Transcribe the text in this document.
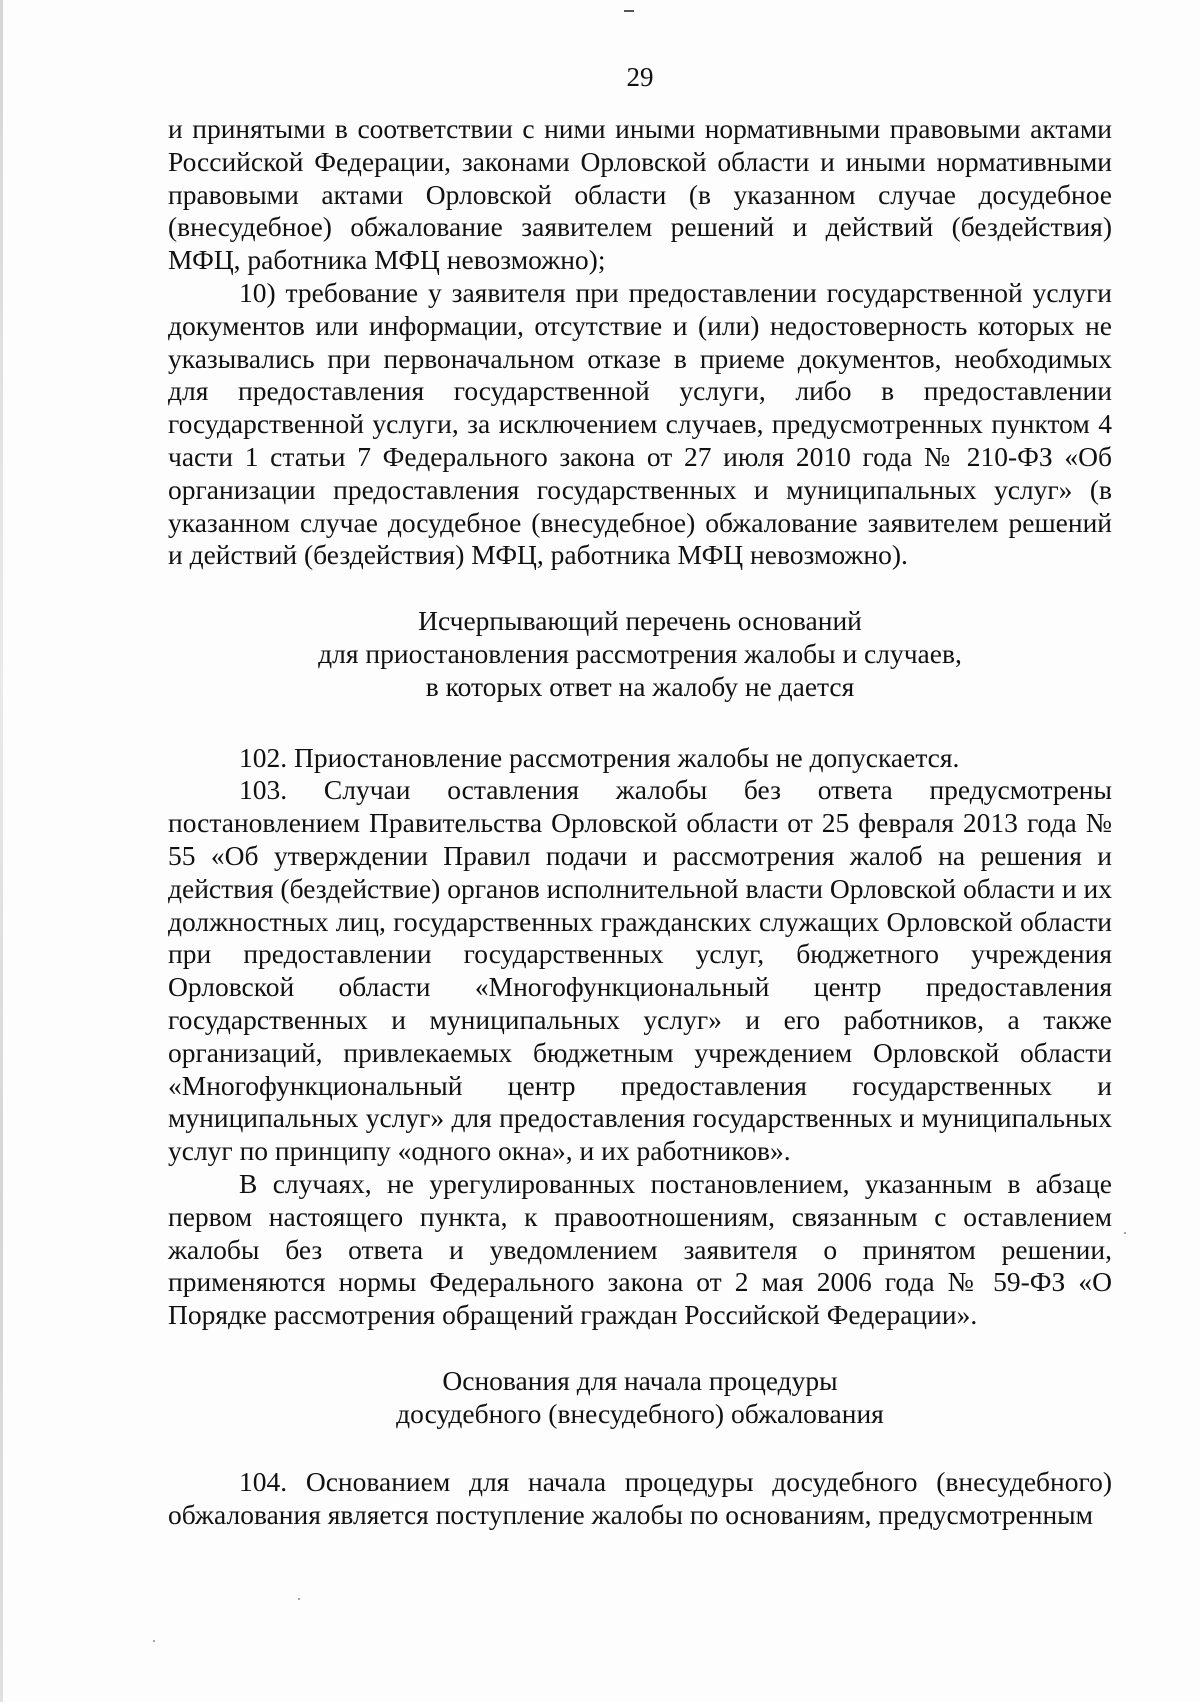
29

и принятыми в соответствии с ними иными нормативными правовыми актами Российской Федерации, законами Орловской области и иными нормативными правовыми актами Орловской области (в указанном случае досудебное (внесудебное) обжалование заявителем решений и действий (бездействия) МФЦ, работника МФЦ невозможно);

10) требование у заявителя при предоставлении государственной услуги документов или информации, отсутствие и (или) недостоверность которых не указывались при первоначальном отказе в приеме документов, необходимых для предоставления государственной услуги, либо в предоставлении государственной услуги, за исключением случаев, предусмотренных пунктом 4 части 1 статьи 7 Федерального закона от 27 июля 2010 года № 210-ФЗ «Об организации предоставления государственных и муниципальных услуг» (в указанном случае досудебное (внесудебное) обжалование заявителем решений и действий (бездействия) МФЦ, работника МФЦ невозможно).

Исчерпывающий перечень оснований
для приостановления рассмотрения жалобы и случаев,
в которых ответ на жалобу не дается

102. Приостановление рассмотрения жалобы не допускается.

103. Случаи оставления жалобы без ответа предусмотрены постановлением Правительства Орловской области от 25 февраля 2013 года № 55 «Об утверждении Правил подачи и рассмотрения жалоб на решения и действия (бездействие) органов исполнительной власти Орловской области и их должностных лиц, государственных гражданских служащих Орловской области при предоставлении государственных услуг, бюджетного учреждения Орловской области «Многофункциональный центр предоставления государственных и муниципальных услуг» и его работников, а также организаций, привлекаемых бюджетным учреждением Орловской области «Многофункциональный центр предоставления государственных и муниципальных услуг» для предоставления государственных и муниципальных услуг по принципу «одного окна», и их работников».

В случаях, не урегулированных постановлением, указанным в абзаце первом настоящего пункта, к правоотношениям, связанным с оставлением жалобы без ответа и уведомлением заявителя о принятом решении, применяются нормы Федерального закона от 2 мая 2006 года № 59-ФЗ «О Порядке рассмотрения обращений граждан Российской Федерации».

Основания для начала процедуры
досудебного (внесудебного) обжалования

104. Основанием для начала процедуры досудебного (внесудебного) обжалования является поступление жалобы по основаниям, предусмотренным
